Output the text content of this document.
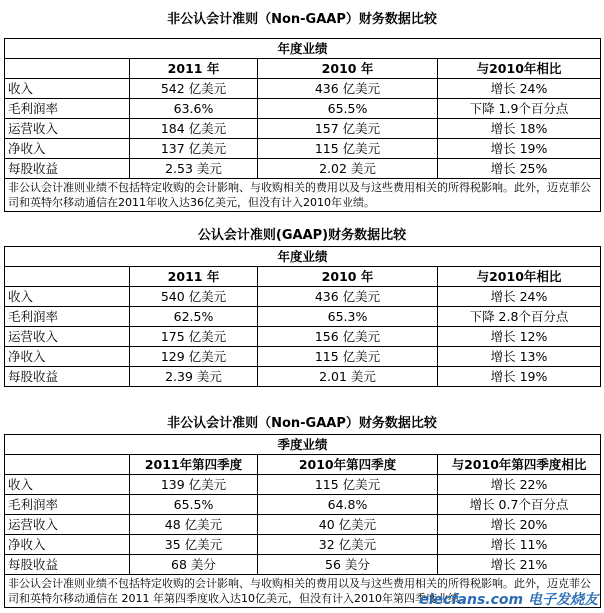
非公认会计准则（Non-GAAP）财务数据比较
年度业绩			
	2011 年	2010 年	与2010年相比
收入	542 亿美元	436 亿美元	增长 24%
毛利润率	63.6%	65.5%	下降 1.9个百分点
运营收入	184 亿美元	157 亿美元	增长 18%
净收入	137 亿美元	115 亿美元	增长 19%
每股收益	2.53 美元	2.02 美元	增长 25%
非公认会计准则业绩不包括特定收购的会计影响、与收购相关的费用以及与这些费用相关的所得税影响。此外，迈克菲公司和英特尔移动通信在2011年收入达36亿美元，但没有计入2010年业绩。			
公认会计准则(GAAP)财务数据比较
年度业绩			
	2011 年	2010 年	与2010年相比
收入	540 亿美元	436 亿美元	增长 24%
毛利润率	62.5%	65.3%	下降 2.8个百分点
运营收入	175 亿美元	156 亿美元	增长 12%
净收入	129 亿美元	115 亿美元	增长 13%
每股收益	2.39 美元	2.01 美元	增长 19%
非公认会计准则（Non-GAAP）财务数据比较
季度业绩			
	2011年第四季度	2010年第四季度	与2010年第四季度相比
收入	139 亿美元	115 亿美元	增长 22%
毛利润率	65.5%	64.8%	增长 0.7个百分点
运营收入	48 亿美元	40 亿美元	增长 20%
净收入	35 亿美元	32 亿美元	增长 11%
每股收益	68 美分	56 美分	增长 21%
非公认会计准则业绩不包括特定收购的会计影响、与收购相关的费用以及与这些费用相关的所得税影响。此外，迈克菲公司和英特尔移动通信在 2011 年第四季度收入达10亿美元，但没有计入2010年第四季度业绩。			
elecfans.com 电子发烧友
